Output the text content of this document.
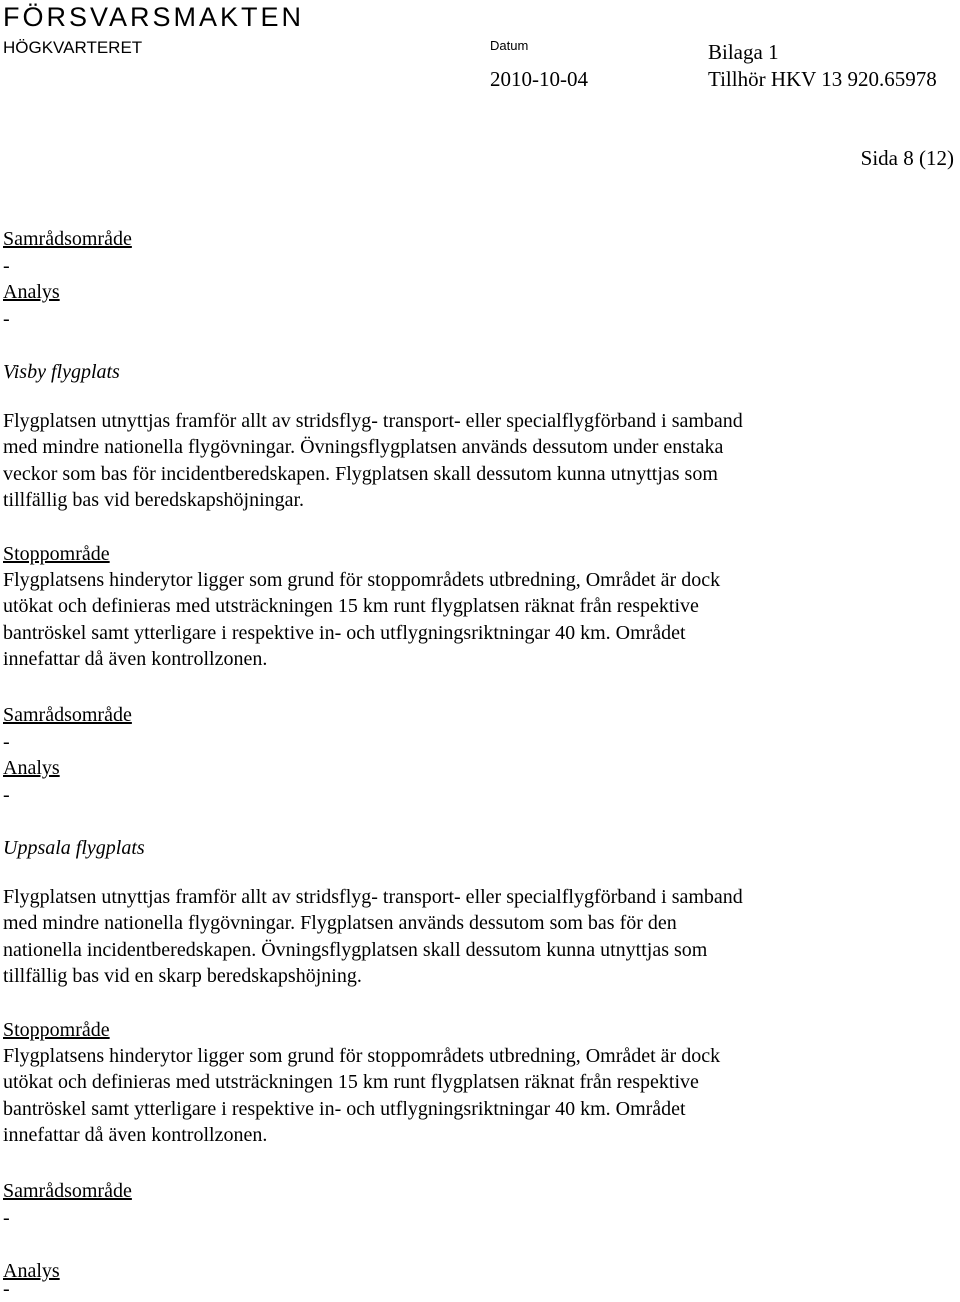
FÖRSVARSMAKTEN
HÖGKVARTERET	Datum
2010-10-04
Bilaga 1
Tillhör HKV 13 920.65978
Sida 8 (12)
Samrådsområde
-
Analys
-
Visby flygplats
Flygplatsen utnyttjas framför allt av stridsflyg- transport- eller specialflygförband i samband
med mindre nationella flygövningar. Övningsflygplatsen används dessutom under enstaka
veckor som bas för incidentberedskapen. Flygplatsen skall dessutom kunna utnyttjas som
tillfällig bas vid beredskapshöjningar.
Stoppområde
Flygplatsens hinderytor ligger som grund för stoppområdets utbredning, Området är dock
utökat och definieras med utsträckningen 15 km runt flygplatsen räknat från respektive
bantröskel samt ytterligare i respektive in- och utflygningsriktningar 40 km. Området
innefattar då även kontrollzonen.
Samrådsområde
-
Analys
-
Uppsala flygplats
Flygplatsen utnyttjas framför allt av stridsflyg- transport- eller specialflygförband i samband
med mindre nationella flygövningar. Flygplatsen används dessutom som bas för den
nationella incidentberedskapen. Övningsflygplatsen skall dessutom kunna utnyttjas som
tillfällig bas vid en skarp beredskapshöjning.
Stoppområde
Flygplatsens hinderytor ligger som grund för stoppområdets utbredning, Området är dock
utökat och definieras med utsträckningen 15 km runt flygplatsen räknat från respektive
bantröskel samt ytterligare i respektive in- och utflygningsriktningar 40 km. Området
innefattar då även kontrollzonen.
Samrådsområde
-
Analys
-
